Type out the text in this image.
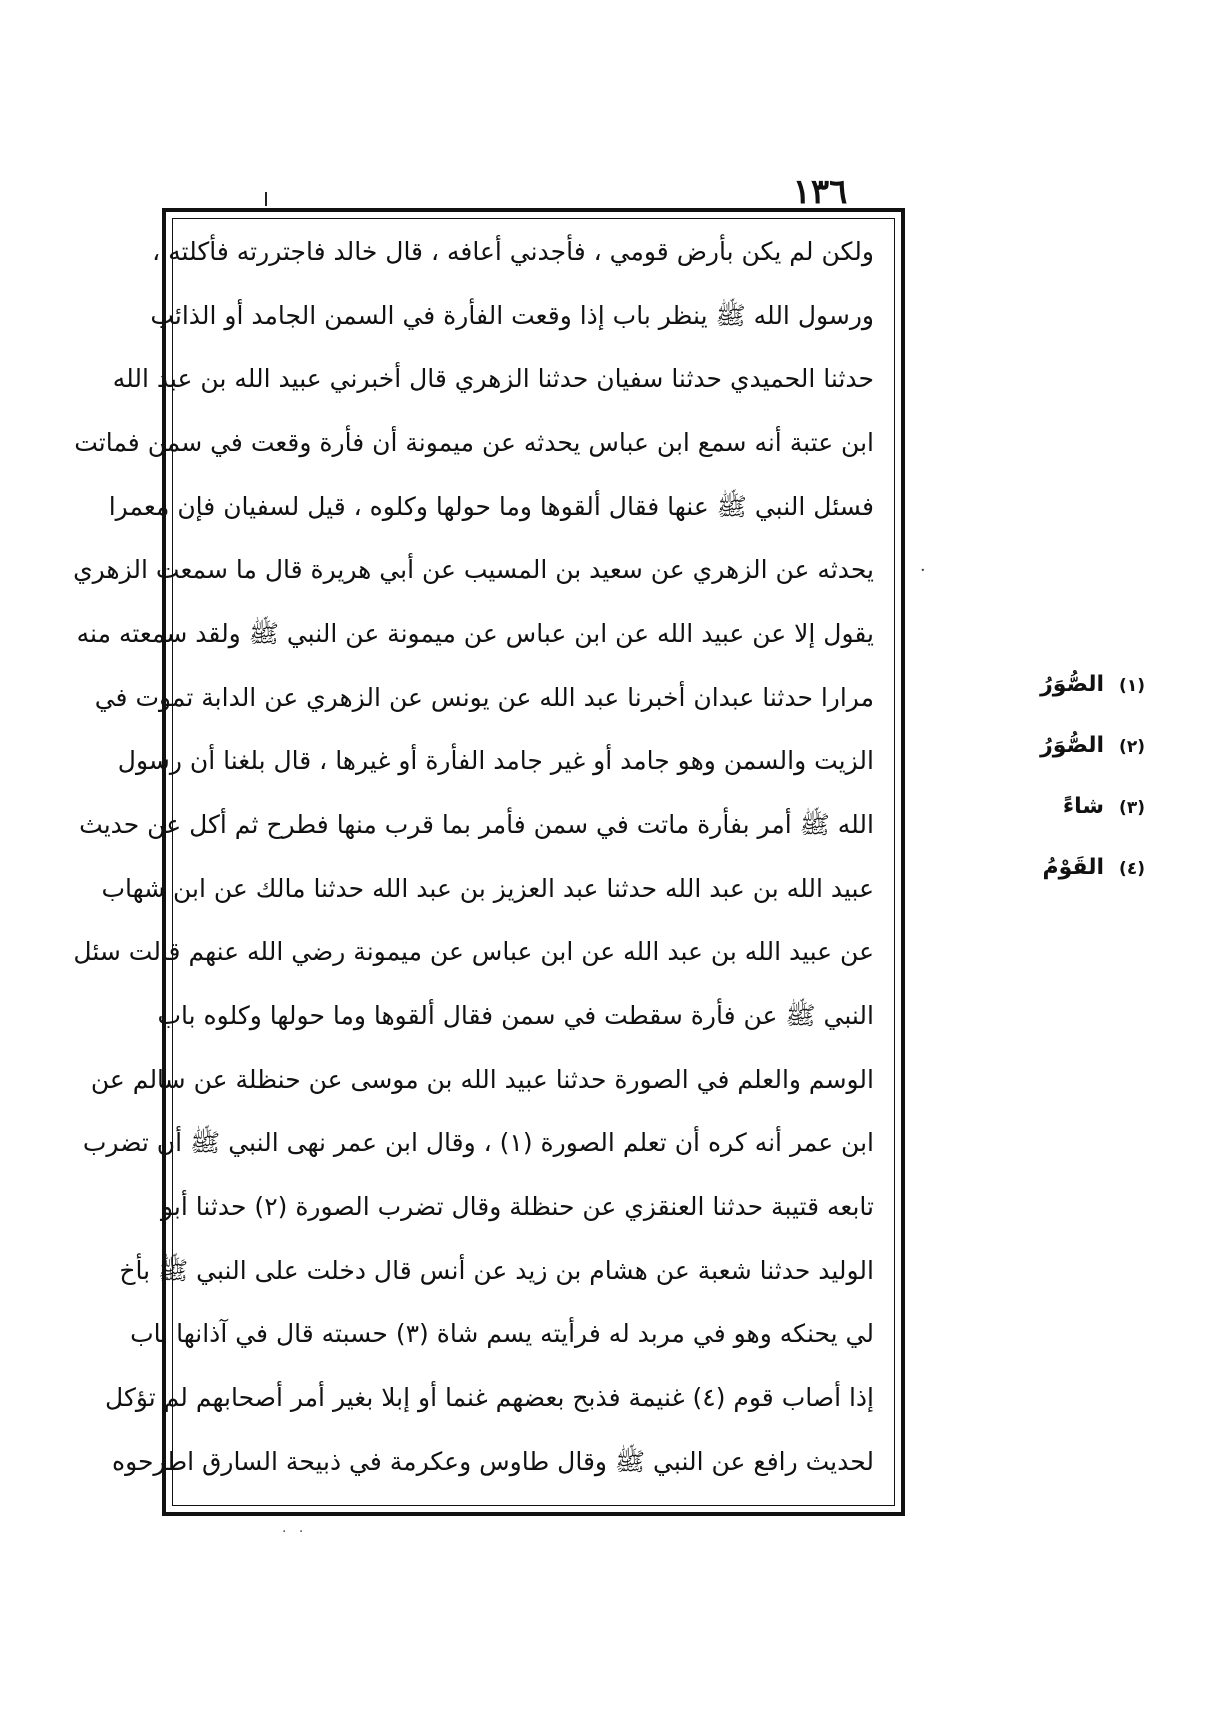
١٣٦
ولكن لم يكن بأرض قومي ، فأجدني أعافه ، قال خالد فاجتررته فأكلته ،
ورسول الله ﷺ ينظر باب إذا وقعت الفأرة في السمن الجامد أو الذائب
حدثنا الحميدي حدثنا سفيان حدثنا الزهري قال أخبرني عبيد الله بن عبد الله
ابن عتبة أنه سمع ابن عباس يحدثه عن ميمونة أن فأرة وقعت في سمن فماتت
فسئل النبي ﷺ عنها فقال ألقوها وما حولها وكلوه ، قيل لسفيان فإن معمرا
يحدثه عن الزهري عن سعيد بن المسيب عن أبي هريرة قال ما سمعت الزهري
يقول إلا عن عبيد الله عن ابن عباس عن ميمونة عن النبي ﷺ ولقد سمعته منه
مرارا حدثنا عبدان أخبرنا عبد الله عن يونس عن الزهري عن الدابة تموت في
الزيت والسمن وهو جامد أو غير جامد الفأرة أو غيرها ، قال بلغنا أن رسول
الله ﷺ أمر بفأرة ماتت في سمن فأمر بما قرب منها فطرح ثم أكل عن حديث
عبيد الله بن عبد الله حدثنا عبد العزيز بن عبد الله حدثنا مالك عن ابن شهاب
عن عبيد الله بن عبد الله عن ابن عباس عن ميمونة رضي الله عنهم قالت سئل
النبي ﷺ عن فأرة سقطت في سمن فقال ألقوها وما حولها وكلوه باب
الوسم والعلم في الصورة حدثنا عبيد الله بن موسى عن حنظلة عن سالم عن
ابن عمر أنه كره أن تعلم الصورة (١) ، وقال ابن عمر نهى النبي ﷺ أن تضرب
تابعه قتيبة حدثنا العنقزي عن حنظلة وقال تضرب الصورة (٢) حدثنا أبو
الوليد حدثنا شعبة عن هشام بن زيد عن أنس قال دخلت على النبي ﷺ بأخ
لي يحنكه وهو في مربد له فرأيته يسم شاة (٣) حسبته قال في آذانها باب
إذا أصاب قوم (٤) غنيمة فذبح بعضهم غنما أو إبلا بغير أمر أصحابهم لم تؤكل
لحديث رافع عن النبي ﷺ وقال طاوس وعكرمة في ذبيحة السارق اطرحوه
·
(١) الصُّوَرُ
(٢) الصُّوَرُ
(٣) شاءً
(٤) القَوْمُ
· ·
